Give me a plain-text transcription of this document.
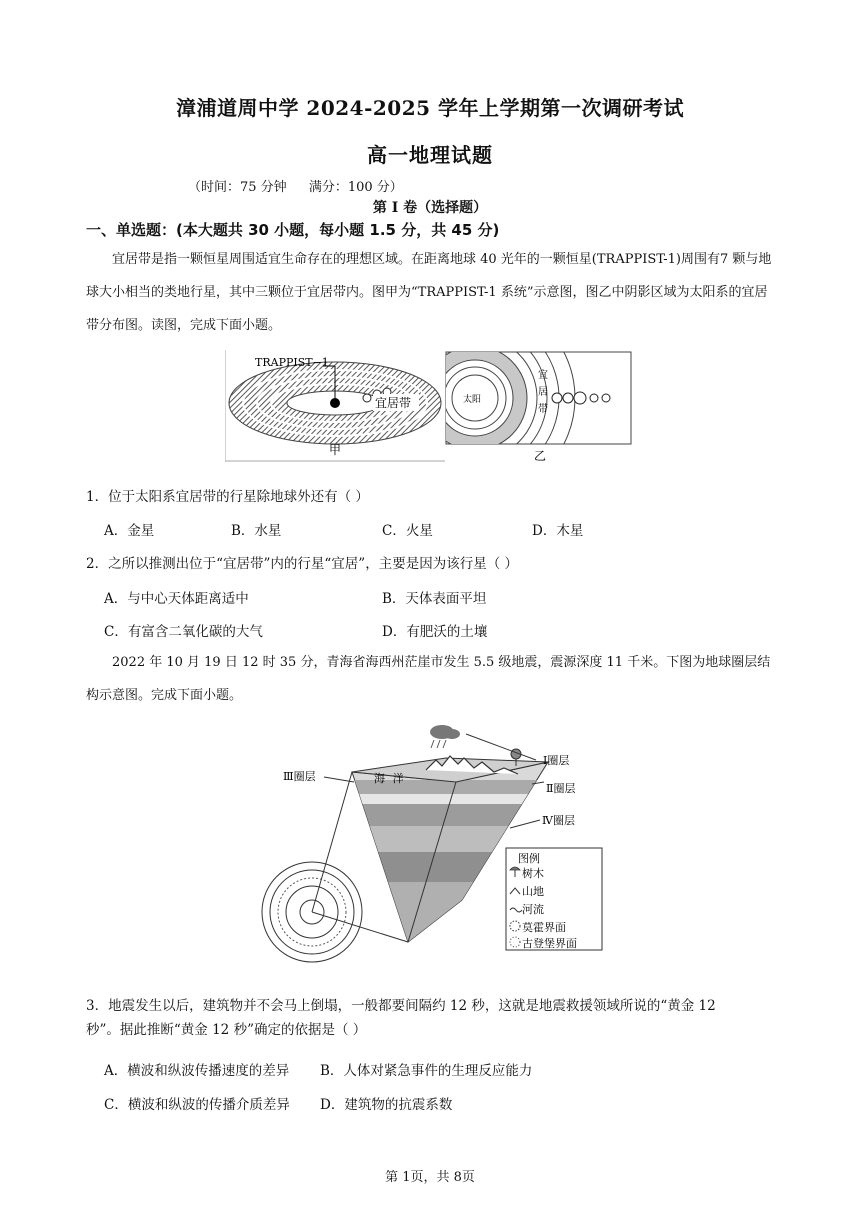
漳浦道周中学 2024-2025 学年上学期第一次调研考试
高一地理试题
（时间：75 分钟 满分：100 分）
第 I 卷（选择题）
一、单选题：(本大题共 30 小题，每小题 1.5 分，共 45 分)
宜居带是指一颗恒星周围适宜生命存在的理想区域。在距离地球 40 光年的一颗恒星(TRAPPIST-1)周围有7 颗与地球大小相当的类地行星，其中三颗位于宜居带内。图甲为“TRAPPIST-1 系统”示意图，图乙中阴影区域为太阳系的宜居带分布图。读图，完成下面小题。
TRAPPIST−1
宜居带
甲
太阳
宜
居
带
乙
1．位于太阳系宜居带的行星除地球外还有（ ）
A．金星	B．水星	C．火星	D．木星
2．之所以推测出位于“宜居带”内的行星“宜居”，主要是因为该行星（ ）
A．与中心天体距离适中	B．天体表面平坦
C．有富含二氧化碳的大气	D．有肥沃的土壤
2022 年 10 月 19 日 12 时 35 分，青海省海西州茫崖市发生 5.5 级地震，震源深度 11 千米。下图为地球圈层结构示意图。完成下面小题。
海 洋
Ⅰ圈层
Ⅱ圈层
Ⅳ圈层
Ⅲ圈层
图例
树木
山地
河流
莫霍界面
古登堡界面
3．地震发生以后，建筑物并不会马上倒塌，一般都要间隔约 12 秒，这就是地震救援领域所说的“黄金 12
秒”。据此推断“黄金 12 秒”确定的依据是（ ）
A．横波和纵波传播速度的差异 B．人体对紧急事件的生理反应能力
C．横波和纵波的传播介质差异 D．建筑物的抗震系数
第 1页，共 8页
